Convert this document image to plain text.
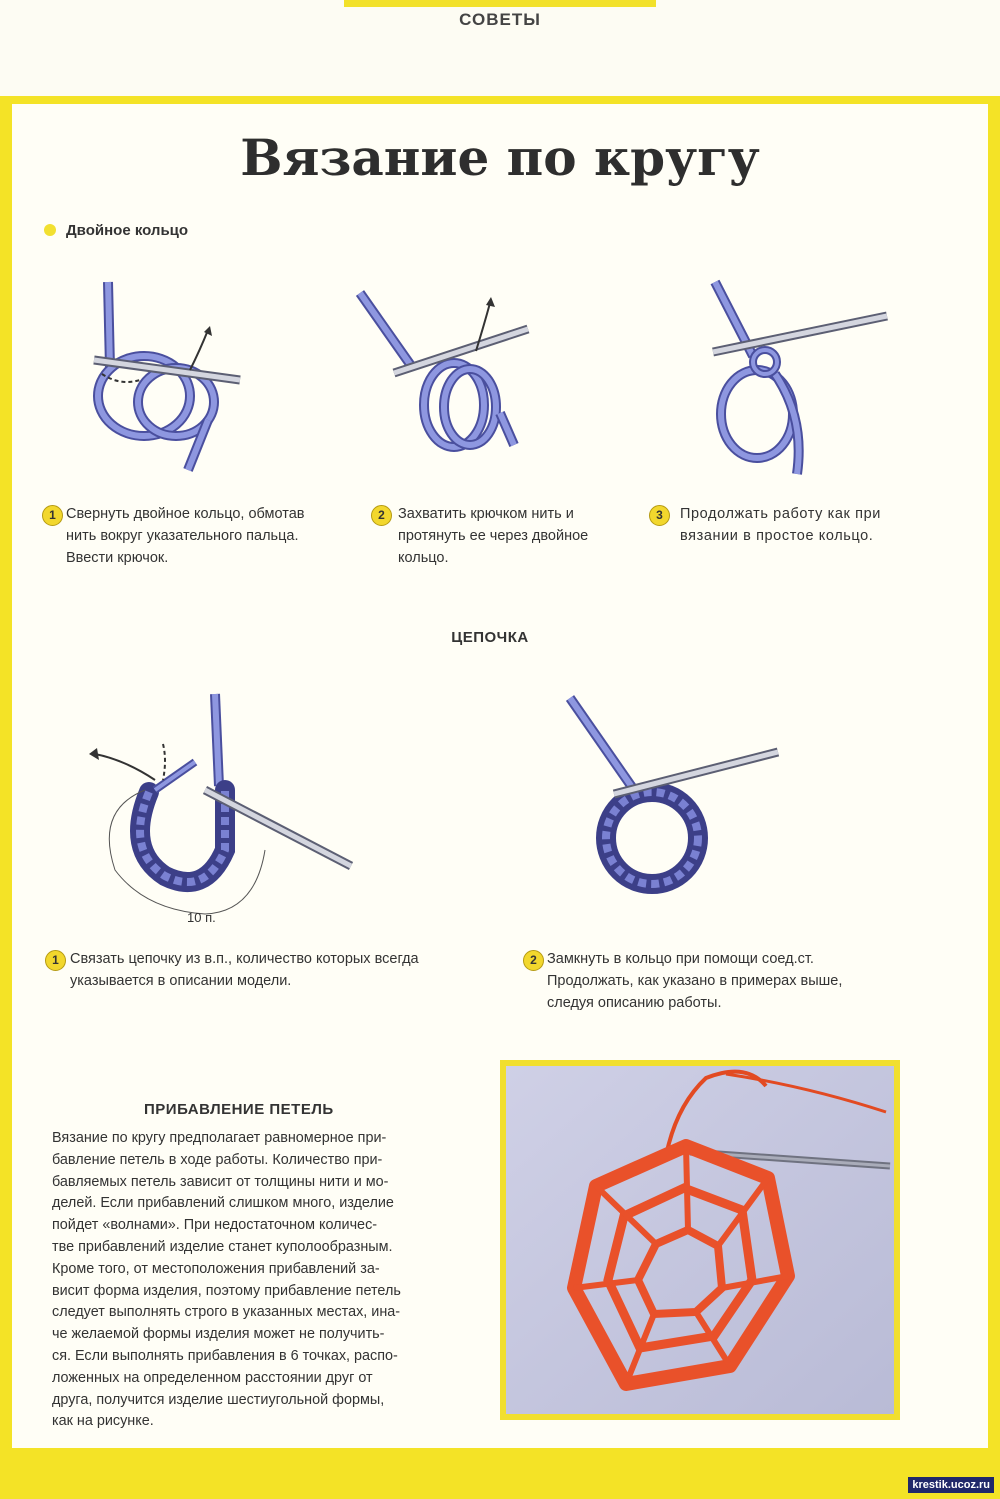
СОВЕТЫ
Вязание по кругу
Двойное кольцо
1 Свернуть двойное кольцо, обмотав
нить вокруг указательного пальца.
Ввести крючок.
2 Захватить крючком нить и
протянуть ее через двойное
кольцо.
3	Продолжать работу как при
вязании в простое кольцо.
ЦЕПОЧКА
10 п.
1 Связать цепочку из в.п., количество которых всегда
указывается в описании модели.
2 Замкнуть в кольцо при помощи соед.ст.
Продолжать, как указано в примерах выше,
следуя описанию работы.
ПРИБАВЛЕНИЕ ПЕТЕЛЬ
Вязание по кругу предполагает равномерное при-
бавление петель в ходе работы. Количество при-
бавляемых петель зависит от толщины нити и мо-
делей. Если прибавлений слишком много, изделие
пойдет «волнами». При недостаточном количес-
тве прибавлений изделие станет куполообразным.
Кроме того, от местоположения прибавлений за-
висит форма изделия, поэтому прибавление петель
следует выполнять строго в указанных местах, ина-
че желаемой формы изделия может не получить-
ся. Если выполнять прибавления в 6 точках, распо-
ложенных на определенном расстоянии друг от
друга, получится изделие шестиугольной формы,
как на рисунке.
krestik.ucoz.ru
